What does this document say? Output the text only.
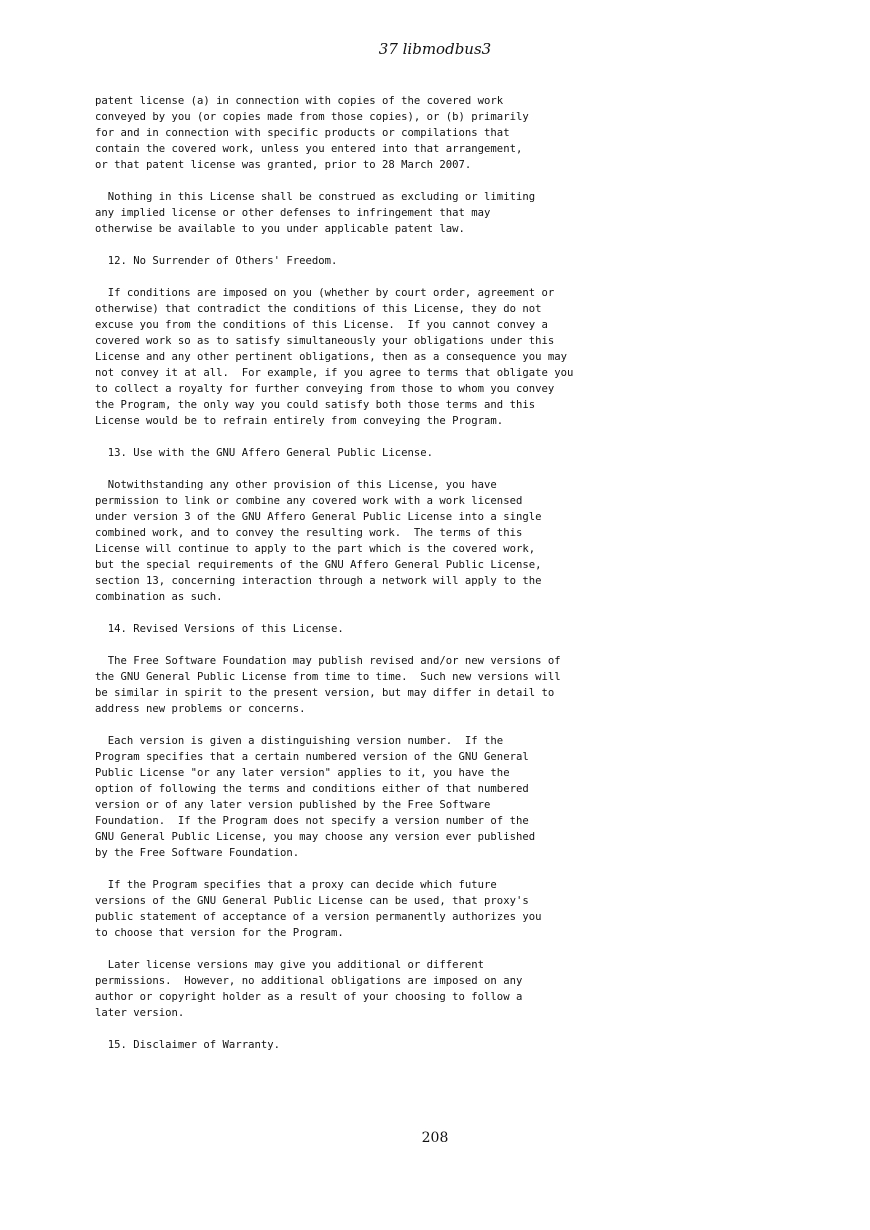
37 libmodbus3
patent license (a) in connection with copies of the covered work
conveyed by you (or copies made from those copies), or (b) primarily
for and in connection with specific products or compilations that
contain the covered work, unless you entered into that arrangement,
or that patent license was granted, prior to 28 March 2007.
Nothing in this License shall be construed as excluding or limiting
any implied license or other defenses to infringement that may
otherwise be available to you under applicable patent law.
12. No Surrender of Others' Freedom.
If conditions are imposed on you (whether by court order, agreement or
otherwise) that contradict the conditions of this License, they do not
excuse you from the conditions of this License.  If you cannot convey a
covered work so as to satisfy simultaneously your obligations under this
License and any other pertinent obligations, then as a consequence you may
not convey it at all.  For example, if you agree to terms that obligate you
to collect a royalty for further conveying from those to whom you convey
the Program, the only way you could satisfy both those terms and this
License would be to refrain entirely from conveying the Program.
13. Use with the GNU Affero General Public License.
Notwithstanding any other provision of this License, you have
permission to link or combine any covered work with a work licensed
under version 3 of the GNU Affero General Public License into a single
combined work, and to convey the resulting work.  The terms of this
License will continue to apply to the part which is the covered work,
but the special requirements of the GNU Affero General Public License,
section 13, concerning interaction through a network will apply to the
combination as such.
14. Revised Versions of this License.
The Free Software Foundation may publish revised and/or new versions of
the GNU General Public License from time to time.  Such new versions will
be similar in spirit to the present version, but may differ in detail to
address new problems or concerns.
Each version is given a distinguishing version number.  If the
Program specifies that a certain numbered version of the GNU General
Public License "or any later version" applies to it, you have the
option of following the terms and conditions either of that numbered
version or of any later version published by the Free Software
Foundation.  If the Program does not specify a version number of the
GNU General Public License, you may choose any version ever published
by the Free Software Foundation.
If the Program specifies that a proxy can decide which future
versions of the GNU General Public License can be used, that proxy's
public statement of acceptance of a version permanently authorizes you
to choose that version for the Program.
Later license versions may give you additional or different
permissions.  However, no additional obligations are imposed on any
author or copyright holder as a result of your choosing to follow a
later version.
15. Disclaimer of Warranty.
208
